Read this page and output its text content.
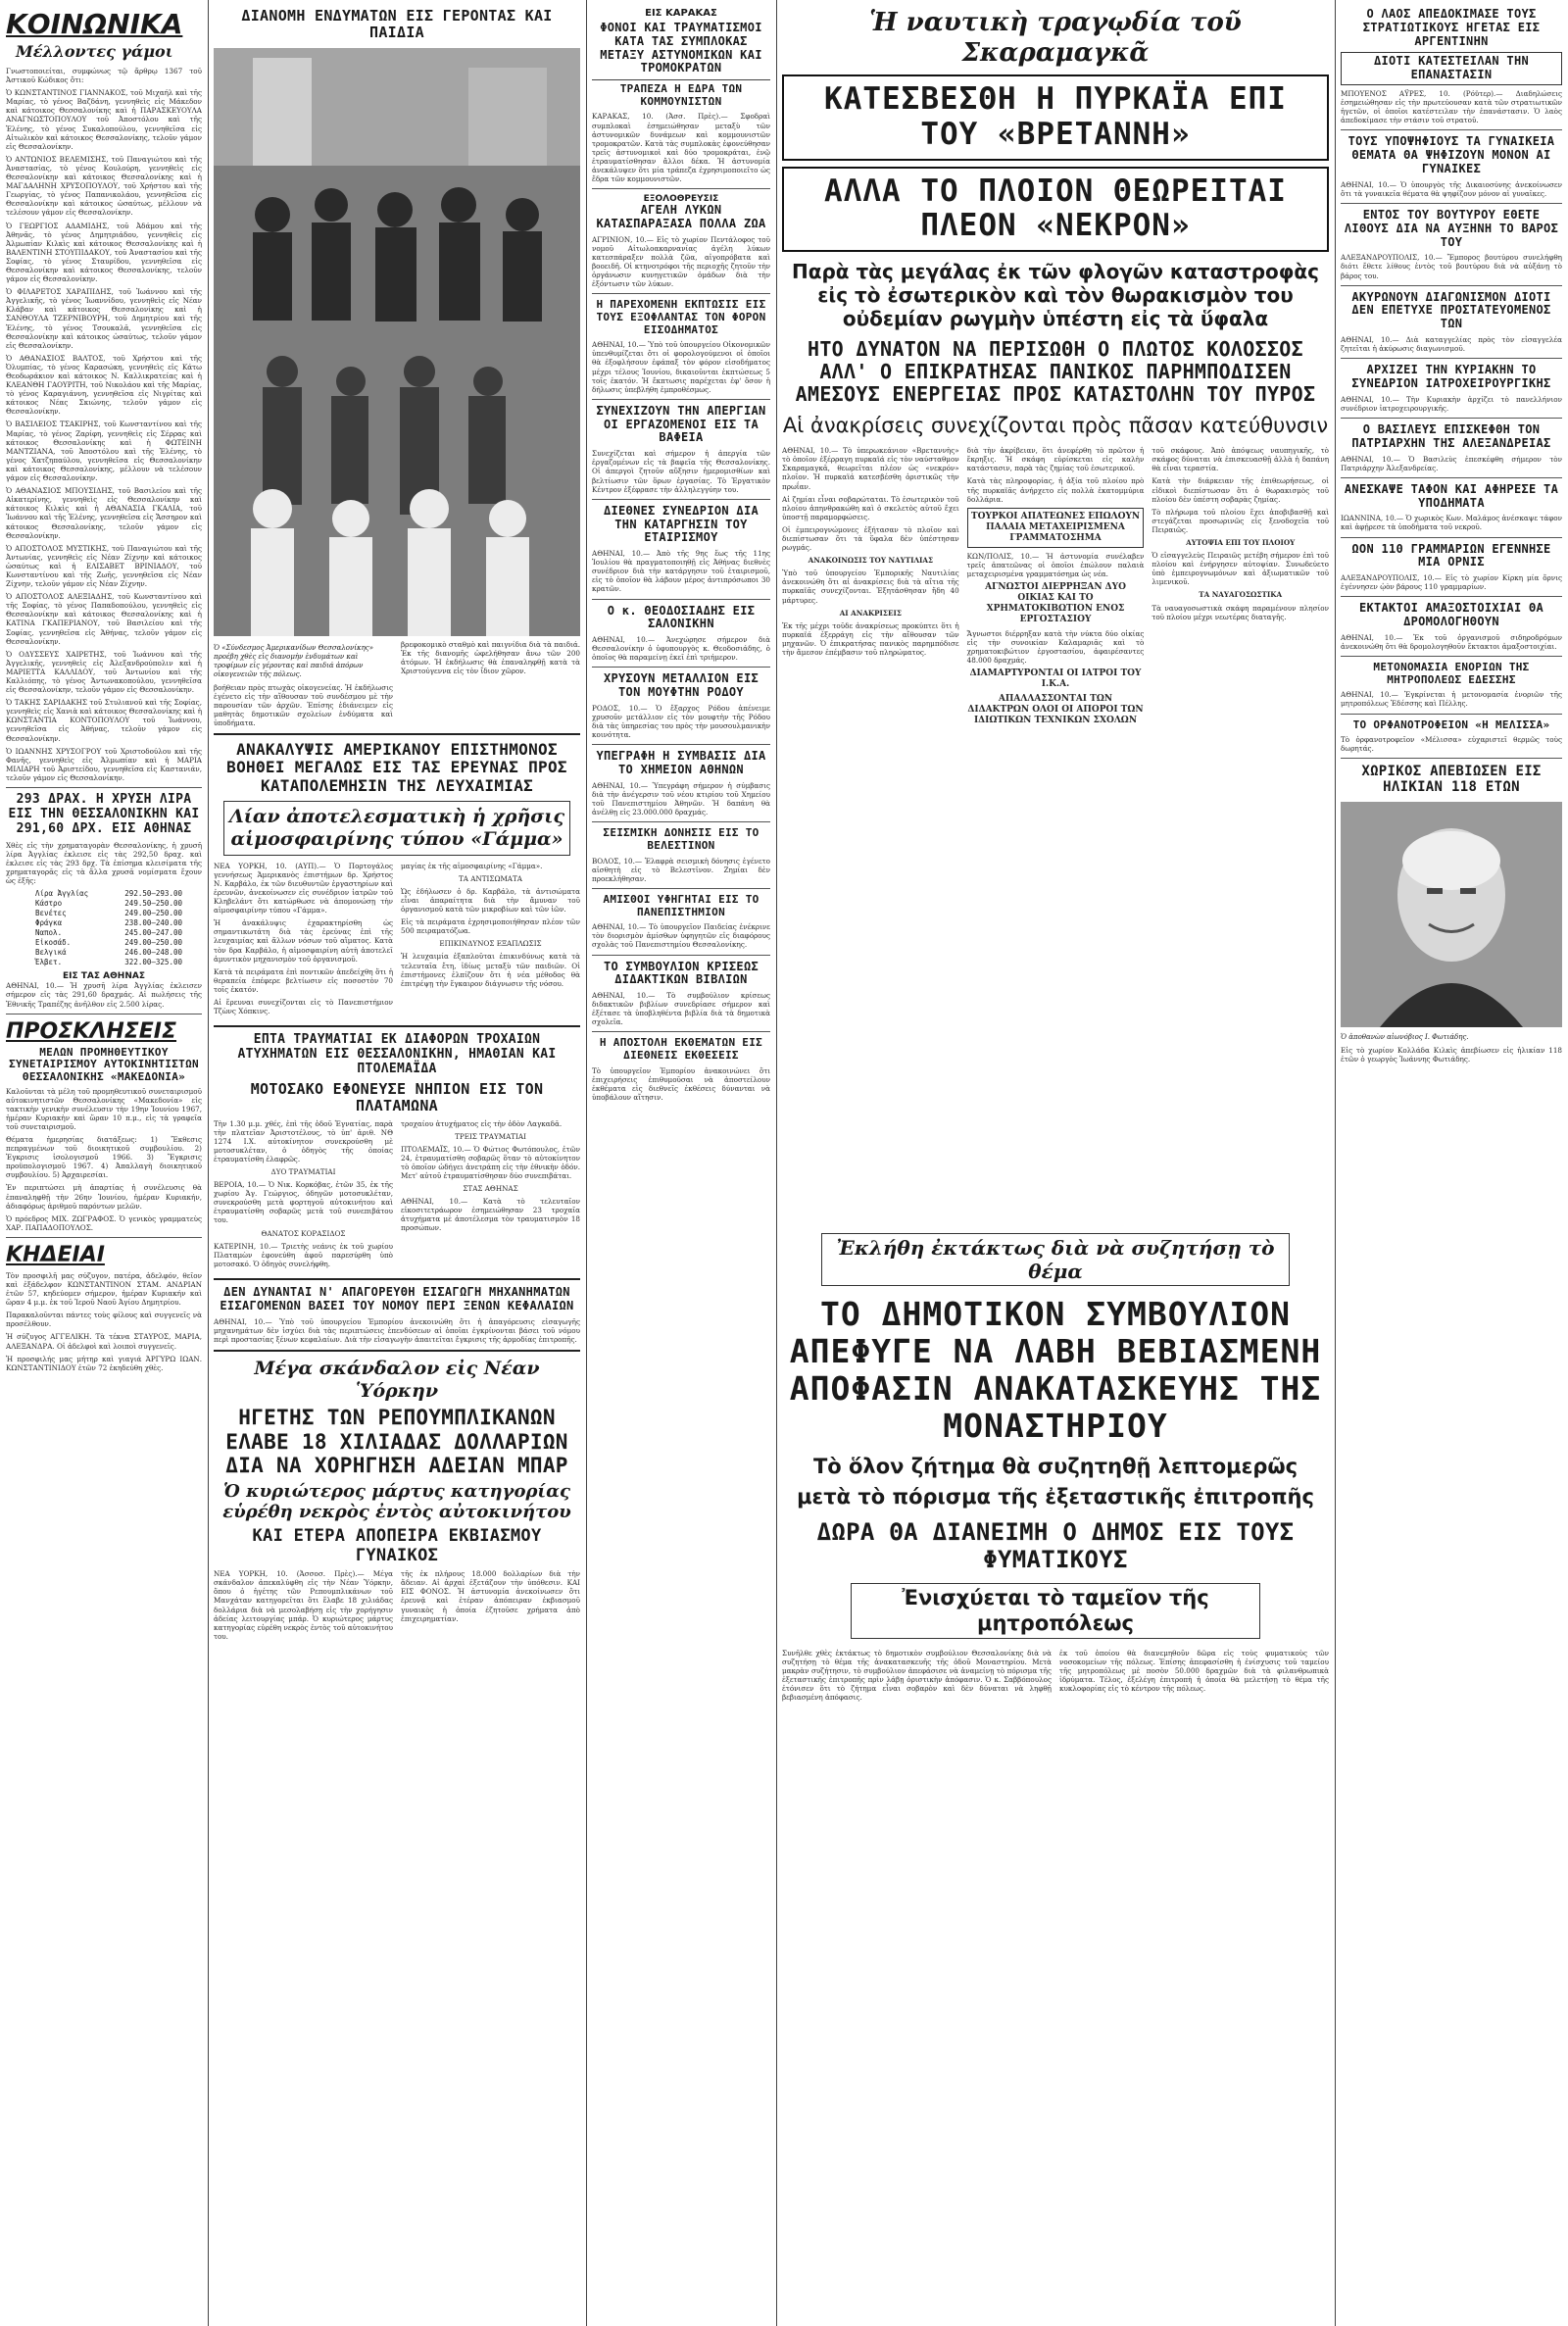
ΚΟΙΝΩΝΙΚΑ
Μέλλοντες γάμοι

Γνωστοποιείται, συμφώνως τῷ ἄρθρῳ 1367 τοῦ Ἀστικοῦ Κώδικος ὅτι:

Ὁ ΚΩΝΣΤΑΝΤΙΝΟΣ ΓΙΑΝΝΑΚΟΣ, τοῦ Μιχαήλ καὶ τῆς Μαρίας, τὸ γένος Βαζδάνη, γεννηθεὶς εἰς Μάκεδον καὶ κάτοικος Θεσσαλονίκης καὶ ἡ ΠΑΡΑΣΚΕΥΟΥΛΑ ΑΝΑΓΝΩΣΤΟΠΟΥΛΟΥ τοῦ Ἀποστόλου καὶ τῆς Ἑλένης, τὸ γένος Συκαλοπούλου, γεννηθεῖσα εἰς Αἰτωλικὸν καὶ κάτοικος Θεσσαλονίκης, τελοῦν γάμον εἰς Θεσσαλονίκην.

Ὁ ΑΝΤΩΝΙΟΣ ΒΕΛΕΜΙΣΗΣ, τοῦ Παναγιώτου καὶ τῆς Ἀναστασίας, τὸ γένος Κουλούρη, γεννηθεὶς εἰς Θεσσαλονίκην καὶ κάτοικος Θεσσαλονίκης καὶ ἡ ΜΑΓΔΑΛΗΝΗ ΧΡΥΣΟΠΟΥΛΟΥ, τοῦ Χρήστου καὶ τῆς Γεωργίας, τὸ γένος Παπανικολάου, γεννηθεῖσα εἰς Θεσσαλονίκην καὶ κάτοικος ὡσαύτως, μέλλουν νὰ τελέσουν γάμον εἰς Θεσσαλονίκην.

Ὁ ΓΕΩΡΓΙΟΣ ΑΔΑΜΙΔΗΣ, τοῦ Ἀδάμου καὶ τῆς Ἀθηνᾶς, τὸ γένος Δημητριάδου, γεννηθεὶς εἰς Ἀλμωπίαν Κιλκὶς καὶ κάτοικος Θεσσαλονίκης καὶ ἡ ΒΑΛΕΝΤΙΝΗ ΣΤΟΥΠΙΔΑΚΟΥ, τοῦ Ἀναστασίου καὶ τῆς Σοφίας, τὸ γένος Σταυρίδου, γεννηθεῖσα εἰς Θεσσαλονίκην καὶ κάτοικος Θεσσαλονίκης, τελοῦν γάμον εἰς Θεσσαλονίκην.

Ὁ ΦΙΛΑΡΕΤΟΣ ΧΑΡΑΠΙΔΗΣ, τοῦ Ἰωάννου καὶ τῆς Ἀγγελικῆς, τὸ γένος Ἰωαννίδου, γεννηθεὶς εἰς Νέαν Κλάβαν καὶ κάτοικος Θεσσαλονίκης καὶ ἡ ΣΑΝΘΟΥΛΑ ΤΖΕΡΝΙΒΟΥΡΗ, τοῦ Δημητρίου καὶ τῆς Ἑλένης, τὸ γένος Τσουκαλᾶ, γεννηθεῖσα εἰς Θεσσαλονίκην καὶ κάτοικος ὡσαύτως, τελοῦν γάμον εἰς Θεσσαλονίκην.

Ὁ ΑΘΑΝΑΣΙΟΣ ΒΑΛΤΟΣ, τοῦ Χρήστου καὶ τῆς Ὀλυμπίας, τὸ γένος Καρασώκη, γεννηθεὶς εἰς Κάτω Θεοδωράκιον καὶ κάτοικος Ν. Καλλικρατείας καὶ ἡ ΚΛΕΑΝΘΗ ΓΑΟΥΡΙΤΗ, τοῦ Νικολάου καὶ τῆς Μαρίας, τὸ γένος Καραγιάννη, γεννηθεῖσα εἰς Νιγρίτας καὶ κάτοικος Νέας Σκιώνης, τελοῦν γάμον εἰς Θεσσαλονίκην.

Ὁ ΒΑΣΙΛΕΙΟΣ ΤΣΑΚΙΡΗΣ, τοῦ Κωνσταντίνου καὶ τῆς Μαρίας, τὸ γένος Ζαρίφη, γεννηθεὶς εἰς Σέρρας καὶ κάτοικος Θεσσαλονίκης καὶ ἡ ΦΩΤΕΙΝΗ ΜΑΝΤΖΙΑΝΑ, τοῦ Ἀποστόλου καὶ τῆς Ἑλένης, τὸ γένος Χατζηπαύλου, γεννηθεῖσα εἰς Θεσσαλονίκην καὶ κάτοικος Θεσσαλονίκης, μέλλουν νὰ τελέσουν γάμον εἰς Θεσσαλονίκην.

Ὁ ΑΘΑΝΑΣΙΟΣ ΜΠΟΥΣΙΔΗΣ, τοῦ Βασιλείου καὶ τῆς Αἰκατερίνης, γεννηθεὶς εἰς Θεσσαλονίκην καὶ κάτοικος Κιλκὶς καὶ ἡ ΑΘΑΝΑΣΙΑ ΓΚΑΛΙΑ, τοῦ Ἰωάννου καὶ τῆς Ἑλένης, γεννηθεῖσα εἰς Ἄσσηρον καὶ κάτοικος Θεσσαλονίκης, τελοῦν γάμον εἰς Θεσσαλονίκην.

Ὁ ΑΠΟΣΤΟΛΟΣ ΜΥΣΤΙΚΗΣ, τοῦ Παναγιώτου καὶ τῆς Ἀντωνίας, γεννηθεὶς εἰς Νέαν Ζίχνην καὶ κάτοικος ὡσαύτως καὶ ἡ ΕΛΙΣΑΒΕΤ ΒΡΙΝΙΑΔΟΥ, τοῦ Κωνσταντίνου καὶ τῆς Ζωῆς, γεννηθεῖσα εἰς Νέαν Ζίχνην, τελοῦν γάμον εἰς Νέαν Ζίχνην.

Ὁ ΑΠΟΣΤΟΛΟΣ ΑΛΕΞΙΑΔΗΣ, τοῦ Κωνσταντίνου καὶ τῆς Σοφίας, τὸ γένος Παπαδοπούλου, γεννηθεὶς εἰς Θεσσαλονίκην καὶ κάτοικος Θεσσαλονίκης καὶ ἡ ΚΑΤΙΝΑ ΓΚΑΠΕΡΙΑΝΟΥ, τοῦ Βασιλείου καὶ τῆς Σοφίας, γεννηθεῖσα εἰς Ἀθήνας, τελοῦν γάμον εἰς Θεσσαλονίκην.

Ὁ ΟΔΥΣΣΕΥΣ ΧΑΙΡΕΤΗΣ, τοῦ Ἰωάννου καὶ τῆς Ἀγγελικῆς, γεννηθεὶς εἰς Ἀλεξανδρούπολιν καὶ ἡ ΜΑΡΙΕΤΤΑ ΚΑΛΛΙΔΟΥ, τοῦ Ἀντωνίου καὶ τῆς Καλλιόπης, τὸ γένος Ἀντωνακοπούλου, γεννηθεῖσα εἰς Θεσσαλονίκην, τελοῦν γάμον εἰς Θεσσαλονίκην.

Ὁ ΤΑΚΗΣ ΣΑΡΙΔΑΚΗΣ τοῦ Στυλιανοῦ καὶ τῆς Σοφίας, γεννηθεὶς εἰς Χανιὰ καὶ κάτοικος Θεσσαλονίκης καὶ ἡ ΚΩΝΣΤΑΝΤΙΑ ΚΟΝΤΟΠΟΥΛΟΥ τοῦ Ἰωάννου, γεννηθεῖσα εἰς Ἀθήνας, τελοῦν γάμον εἰς Θεσσαλονίκην.

Ὁ ΙΩΑΝΝΗΣ ΧΡΥΣΟΓΡΟΥ τοῦ Χριστοδούλου καὶ τῆς Φανῆς, γεννηθεὶς εἰς Ἀλμωπίαν καὶ ἡ ΜΑΡΙΑ ΜΙΛΙΑΡΗ τοῦ Ἀριστείδου, γεννηθεῖσα εἰς Καστανιάν, τελοῦν γάμον εἰς Θεσσαλονίκην.

293 ΔΡΑΧ. Η ΧΡΥΣΗ ΛΙΡΑ ΕΙΣ ΤΗΝ ΘΕΣΣΑΛΟΝΙΚΗΝ ΚΑΙ 291,60 ΔΡΧ. ΕΙΣ ΑΘΗΝΑΣ
Χθὲς εἰς τὴν χρηματαγορὰν Θεσσαλονίκης, ἡ χρυσῆ λίρα Ἀγγλίας ἐκλεισε εἰς τὰς 292,50 δραχ. καὶ ἐκλεισε εἰς τὰς 293 δρχ. Τὰ ἐπίσημα κλεισίματα τῆς χρηματαγορᾶς εἰς τὰ ἄλλα χρυσᾶ νομίσματα ἔχουν ὡς ἑξῆς:
Λίρα Ἀγγλίας	292.50—293.00
Κάστρο	249.50—250.00
Βενέτες	249.00—250.00
Φράγκα	238.00—240.00
Ναπολ.	245.00—247.00
Εἰκοσάδ.	249.00—250.00
Βελγικά	246.00—248.00
Ἑλβετ.	322.00—325.00
ΕΙΣ ΤΑΣ ΑΘΗΝΑΣ
ΑΘΗΝΑΙ, 10.— Ἡ χρυσῆ λίρα Ἀγγλίας ἐκλεισεν σήμερον εἰς τὰς 291,60 δραχμάς. Αἱ πωλήσεις τῆς Ἐθνικῆς Τραπέζης ἀνῆλθον εἰς 2.500 λίρας.
ΠΡΟΣΚΛΗΣΕΙΣ
ΜΕΛΩΝ ΠΡΟΜΗΘΕΥΤΙΚΟΥ ΣΥΝΕΤΑΙΡΙΣΜΟΥ ΑΥΤΟΚΙΝΗΤΙΣΤΩΝ ΘΕΣΣΑΛΟΝΙΚΗΣ «ΜΑΚΕΔΟΝΙΑ»

Καλοῦνται τὰ μέλη τοῦ προμηθευτικοῦ συνεταιρισμοῦ αὐτοκινητιστῶν Θεσσαλονίκης «Μακεδονία» εἰς τακτικὴν γενικὴν συνέλευσιν τὴν 19ην Ἰουνίου 1967, ἡμέραν Κυριακὴν καὶ ὥραν 10 π.μ., εἰς τὰ γραφεῖα τοῦ συνεταιρισμοῦ.

Θέματα ἡμερησίας διατάξεως: 1) Ἔκθεσις πεπραγμένων τοῦ διοικητικοῦ συμβουλίου. 2) Ἐγκρισις ἰσολογισμοῦ 1966. 3) Ἔγκρισις προϋπολογισμοῦ 1967. 4) Ἀπαλλαγὴ διοικητικοῦ συμβουλίου. 5) Ἀρχαιρεσίαι.

Ἐν περιπτώσει μὴ ἀπαρτίας ἡ συνέλευσις θὰ ἐπαναληφθῇ τὴν 26ην Ἰουνίου, ἡμέραν Κυριακήν, ἀδιαφόρως ἀριθμοῦ παρόντων μελῶν.

Ὁ πρόεδρος ΜΙΧ. ΖΩΓΡΑΦΟΣ. Ὁ γενικὸς γραμματεὺς ΧΑΡ. ΠΑΠΑΔΟΠΟΥΛΟΣ.

ΚΗΔΕΙΑΙ

Τὸν προσφιλῆ μας σύζυγον, πατέρα, ἀδελφόν, θεῖον καὶ ἐξάδελφον ΚΩΝΣΤΑΝΤΙΝΟΝ ΣΤΑΜ. ΑΝΔΡΙΑΝ ἐτῶν 57, κηδεύομεν σήμερον, ἡμέραν Κυριακήν καὶ ὥραν 4 μ.μ. ἐκ τοῦ Ἱεροῦ Ναοῦ Ἁγίου Δημητρίου.

Παρακαλοῦνται πάντες τοὺς φίλους καὶ συγγενεῖς νὰ προσέλθουν.

Ἡ σύζυγος ΑΓΓΕΛΙΚΗ. Τὰ τέκνα ΣΤΑΥΡΟΣ, ΜΑΡΙΑ, ΑΛΕΞΑΝΔΡΑ. Οἱ ἀδελφοὶ καὶ λοιποὶ συγγενεῖς.

Ἡ προσφιλής μας μήτηρ καὶ γιαγιά ἈΡΓΥΡΩ ΙΩΑΝ. ΚΩΝΣΤΑΝΤΙΝΙΔΟΥ ἐτῶν 72 ἐκηδεύθη χθὲς.

ΔΙΑΝΟΜΗ ΕΝΔΥΜΑΤΩΝ ΕΙΣ ΓΕΡΟΝΤΑΣ ΚΑΙ ΠΑΙΔΙΑ
Ὁ «Σύνδεσμος Ἀμερικανίδων Θεσσαλονίκης» προέβη χθὲς εἰς διανομὴν ἐνδυμάτων καὶ τροφίμων εἰς γέροντας καὶ παιδιά ἀπόρων οἰκογενειῶν τῆς πόλεως.
βοήθειαν πρὸς πτωχὰς οἰκογενείας. Ἡ ἐκδήλωσις ἐγένετο εἰς τὴν αἴθουσαν τοῦ συνδέσμου μὲ τὴν παρουσίαν τῶν ἀρχῶν. Ἐπίσης ἐδιάνειμεν εἰς μαθητὰς δημοτικῶν σχολείων ἐνδύματα καὶ ὑποδήματα.
βρεφοκομικὸ σταθμὸ καὶ παιγνίδια διὰ τὰ παιδιά. Ἐκ τῆς διανομῆς ὠφελήθησαν ἄνω τῶν 200 ἀτόμων. Ἡ ἐκδήλωσις θὰ ἐπαναληφθῇ κατὰ τὰ Χριστούγεννα εἰς τὸν ἴδιον χῶρον.
ΑΝΑΚΑΛΥΨΙΣ ΑΜΕΡΙΚΑΝΟΥ ΕΠΙΣΤΗΜΟΝΟΣ ΒΟΗΘΕΙ ΜΕΓΑΛΩΣ ΕΙΣ ΤΑΣ ΕΡΕΥΝΑΣ ΠΡΟΣ ΚΑΤΑΠΟΛΕΜΗΣΙΝ ΤΗΣ ΛΕΥΧΑΙΜΙΑΣ
Λίαν ἀποτελεσματικὴ ἡ χρῆσις αἱμοσφαιρίνης τύπου «Γάμμα»

ΝΕΑ ΥΟΡΚΗ, 10. (ΑΥΠ).— Ὁ Πορτογάλος γεννήσεως Ἀμερικανὸς ἐπιστήμων δρ. Χρήστος Ν. Καρβάλο, ἐκ τῶν διευθυντῶν ἐργαστηρίων καὶ ἐρευνῶν, ἀνεκοίνωσεν εἰς συνέδριον ἰατρῶν τοῦ Κληβελάντ ὅτι κατώρθωσε νὰ ἀπομονώσῃ τὴν αἱμοσφαιρίνην τύπου «Γάμμα».

Ἡ ἀνακάλυψις ἐχαρακτηρίσθη ὡς σημαντικωτάτη διὰ τὰς ἐρεύνας ἐπὶ τῆς λευχαιμίας καὶ ἄλλων νόσων τοῦ αἵματος. Κατὰ τὸν δρα Καρβάλο, ἡ αἱμοσφαιρίνη αὐτὴ ἀποτελεῖ ἀμυντικὸν μηχανισμὸν τοῦ ὀργανισμοῦ.

Κατὰ τὰ πειράματα ἐπὶ ποντικῶν ἀπεδείχθη ὅτι ἡ θεραπεία ἐπέφερε βελτίωσιν εἰς ποσοστὸν 70 τοῖς ἑκατόν.

Αἱ ἔρευναι συνεχίζονται εἰς τὸ Πανεπιστήμιον Τζὼνς Χόπκινς.

μαγίας ἐκ τῆς αἱμοσφαιρίνης «Γάμμα».

ΤΑ ΑΝΤΙΣΩΜΑΤΑ

Ὡς ἐδήλωσεν ὁ δρ. Καρβάλο, τὰ ἀντισώματα εἶναι ἀπαραίτητα διὰ τὴν ἄμυναν τοῦ ὀργανισμοῦ κατὰ τῶν μικροβίων καὶ τῶν ἰῶν.

Εἰς τὰ πειράματα ἐχρησιμοποιήθησαν πλέον τῶν 500 πειραματόζωα.

ΕΠΙΚΙΝΔΥΝΟΣ ΕΞΑΠΛΩΣΙΣ

Ἡ λευχαιμία ἐξαπλοῦται ἐπικινδύνως κατὰ τὰ τελευταῖα ἔτη, ἰδίως μεταξὺ τῶν παιδιῶν. Οἱ ἐπιστήμονες ἐλπίζουν ὅτι ἡ νέα μέθοδος θὰ ἐπιτρέψῃ τὴν ἔγκαιρον διάγνωσιν τῆς νόσου.

ΕΠΤΑ ΤΡΑΥΜΑΤΙΑΙ ΕΚ ΔΙΑΦΟΡΩΝ ΤΡΟΧΑΙΩΝ ΑΤΥΧΗΜΑΤΩΝ ΕΙΣ ΘΕΣΣΑΛΟΝΙΚΗΝ, ΗΜΑΘΙΑΝ ΚΑΙ ΠΤΟΛΕΜΑΪΔΑ
ΜΟΤΟΣΑΚΟ ΕΦΟΝΕΥΣΕ ΝΗΠΙΟΝ ΕΙΣ ΤΟΝ ΠΛΑΤΑΜΩΝΑ

Τὴν 1.30 μ.μ. χθές, ἐπὶ τῆς ὁδοῦ Ἐγνατίας, παρὰ τὴν πλατεῖαν Ἀριστοτέλους, τὸ ὑπ' ἀριθ. ΝΘ 1274 Ι.Χ. αὐτοκίνητον συνεκρούσθη μὲ μοτοσυκλέταν, ὁ ὁδηγὸς τῆς ὁποίας ἐτραυματίσθη ἐλαφρῶς.

ΔΥΟ ΤΡΑΥΜΑΤΙΑΙ

ΒΕΡΟΙΑ, 10.— Ὁ Νικ. Κορκόβας, ἐτῶν 35, ἐκ τῆς χωρίου Ἀγ. Γεώργιος, ὁδηγῶν μοτοσυκλέταν, συνεκρούσθη μετὰ φορτηγοῦ αὐτοκινήτου καὶ ἐτραυματίσθη σοβαρῶς μετὰ τοῦ συνεπιβάτου του.

ΘΑΝΑΤΟΣ ΚΟΡΑΣΙΔΟΣ

ΚΑΤΕΡΙΝΗ, 10.— Τριετὴς νεάνις ἐκ τοῦ χωρίου Πλαταμὼν ἐφονεύθη ἀφοῦ παρεσύρθη ὑπὸ μοτοσακό. Ὁ ὁδηγὸς συνελήφθη.

τροχαίου ἀτυχήματος εἰς τὴν ὁδὸν Λαγκαδᾶ.

ΤΡΕΙΣ ΤΡΑΥΜΑΤΙΑΙ

ΠΤΟΛΕΜΑΪΣ, 10.— Ὁ Φώτιος Φωτόπουλος, ἐτῶν 24, ἐτραυματίσθη σοβαρῶς ὅταν τὸ αὐτοκίνητον τὸ ὁποῖον ὡδήγει ἀνετράπη εἰς τὴν ἐθνικὴν ὁδόν. Μετ' αὐτοῦ ἐτραυματίσθησαν δύο συνεπιβάται.

ΣΤΑΣ ΑΘΗΝΑΣ

ΑΘΗΝΑΙ, 10.— Κατὰ τὸ τελευταῖον εἰκοσιτετράωρον ἐσημειώθησαν 23 τροχαῖα ἀτυχήματα μὲ ἀποτέλεσμα τὸν τραυματισμὸν 18 προσώπων.

ΔΕΝ ΔΥΝΑΝΤΑΙ Ν' ΑΠΑΓΟΡΕΥΘΗ ΕΙΣΑΓΩΓΗ ΜΗΧΑΝΗΜΑΤΩΝ ΕΙΣΑΓΟΜΕΝΩΝ ΒΑΣΕΙ ΤΟΥ ΝΟΜΟΥ ΠΕΡΙ ΞΕΝΩΝ ΚΕΦΑΛΑΙΩΝ
ΑΘΗΝΑΙ, 10.— Ὑπὸ τοῦ ὑπουργείου Ἐμπορίου ἀνεκοινώθη ὅτι ἡ ἀπαγόρευσις εἰσαγωγῆς μηχανημάτων δὲν ἰσχύει διὰ τὰς περιπτώσεις ἐπενδύσεων αἱ ὁποῖαι ἐγκρίνονται βάσει τοῦ νόμου περὶ προστασίας ξένων κεφαλαίων. Διὰ τὴν εἰσαγωγὴν ἀπαιτεῖται ἔγκρισις τῆς ἁρμοδίας ἐπιτροπῆς.
Μέγα σκάνδαλον εἰς Νέαν Ὑόρκην
ΗΓΕΤΗΣ ΤΩΝ ΡΕΠΟΥΜΠΛΙΚΑΝΩΝ ΕΛΑΒΕ 18 ΧΙΛΙΑΔΑΣ ΔΟΛΛΑΡΙΩΝ ΔΙΑ ΝΑ ΧΟΡΗΓΗΣΗ ΑΔΕΙΑΝ ΜΠΑΡ
Ὁ κυριώτερος μάρτυς κατηγορίας εὑρέθη νεκρὸς ἐντὸς αὐτοκινήτου
ΚΑΙ ΕΤΕΡΑ ΑΠΟΠΕΙΡΑ ΕΚΒΙΑΣΜΟΥ ΓΥΝΑΙΚΟΣ
ΝΕΑ ΥΟΡΚΗ, 10. (Ἀσσοσ. Πρὲς).— Μέγα σκάνδαλον ἀπεκαλύφθη εἰς τὴν Νέαν Ὑόρκην, ὅπου ὁ ἡγέτης τῶν Ρεπουμπλικάνων τοῦ Μανχάταν κατηγορεῖται ὅτι ἔλαβε 18 χιλιάδας δολλάρια διὰ νὰ μεσολαβήσῃ εἰς τὴν χορήγησιν ἀδείας λειτουργίας μπάρ. Ὁ κυριώτερος μάρτυς κατηγορίας εὑρέθη νεκρὸς ἐντὸς τοῦ αὐτοκινήτου του.
τῆς ἐκ πλήρους 18.000 δολλαρίων διὰ τὴν ἄδειαν. Αἱ ἀρχαὶ ἐξετάζουν τὴν ὑπόθεσιν. ΚΑΙ ΕΙΣ ΦΟΝΟΣ. Ἡ ἀστυνομία ἀνεκοίνωσεν ὅτι ἐρευνᾷ καὶ ἑτέραν ἀπόπειραν ἐκβιασμοῦ γυναικὸς ἡ ὁποία ἐζητοῦσε χρήματα ἀπὸ ἐπιχειρηματίαν.
ΕΙΣ ΚΑΡΑΚΑΣ
ΦΟΝΟΙ ΚΑΙ ΤΡΑΥΜΑΤΙΣΜΟΙ ΚΑΤΑ ΤΑΣ ΣΥΜΠΛΟΚΑΣ ΜΕΤΑΞΥ ΑΣΤΥΝΟΜΙΚΩΝ ΚΑΙ ΤΡΟΜΟΚΡΑΤΩΝ
ΤΡΑΠΕΖΑ Η ΕΔΡΑ ΤΩΝ ΚΟΜΜΟΥΝΙΣΤΩΝ
ΚΑΡΑΚΑΣ, 10. (Ἀσσ. Πρὲς).— Σφοδραὶ συμπλοκαὶ ἐσημειώθησαν μεταξὺ τῶν ἀστυνομικῶν δυνάμεων καὶ κομμουνιστῶν τρομοκρατῶν. Κατὰ τὰς συμπλοκὰς ἐφονεύθησαν τρεῖς ἀστυνομικοὶ καὶ δύο τρομοκράται, ἐνῷ ἐτραυματίσθησαν ἄλλοι δέκα. Ἡ ἀστυνομία ἀνεκάλυψεν ὅτι μία τράπεζα ἐχρησιμοποιεῖτο ὡς ἕδρα τῶν κομμουνιστῶν.
ΕΞΟΛΟΘΡΕΥΣΙΣ
ΑΓΕΛΗ ΛΥΚΩΝ ΚΑΤΑΣΠΑΡΑΞΑΣΑ ΠΟΛΛΑ ΖΩΑ
ΑΓΡΙΝΙΟΝ, 10.— Εἰς τὸ χωρίον Πεντάλοφος τοῦ νομοῦ Αἰτωλοακαρνανίας ἀγέλη λύκων κατεσπάραξεν πολλὰ ζῶα, αἰγοπρόβατα καὶ βοοειδῆ. Οἱ κτηνοτρόφοι τῆς περιοχῆς ζητοῦν τὴν ὀργάνωσιν κυνηγετικῶν ὁμάδων διὰ τὴν ἐξόντωσιν τῶν λύκων.
Η ΠΑΡΕΧΟΜΕΝΗ ΕΚΠΤΩΣΙΣ ΕΙΣ ΤΟΥΣ ΕΞΟΦΛΑΝΤΑΣ ΤΟΝ ΦΟΡΟΝ ΕΙΣΟΔΗΜΑΤΟΣ
ΑΘΗΝΑΙ, 10.— Ὑπὸ τοῦ ὑπουργείου Οἰκονομικῶν ὑπενθυμίζεται ὅτι οἱ φορολογούμενοι οἱ ὁποῖοι θὰ ἐξοφλήσουν ἐφάπαξ τὸν φόρον εἰσοδήματος μέχρι τέλους Ἰουνίου, δικαιοῦνται ἐκπτώσεως 5 τοῖς ἑκατόν. Ἡ ἔκπτωσις παρέχεται ἐφ' ὅσον ἡ δήλωσις ὑπεβλήθη ἐμπροθέσμως.
ΣΥΝΕΧΙΖΟΥΝ ΤΗΝ ΑΠΕΡΓΙΑΝ ΟΙ ΕΡΓΑΖΟΜΕΝΟΙ ΕΙΣ ΤΑ ΒΑΦΕΙΑ
Συνεχίζεται καὶ σήμερον ἡ ἀπεργία τῶν ἐργαζομένων εἰς τὰ βαφεῖα τῆς Θεσσαλονίκης. Οἱ ἀπεργοὶ ζητοῦν αὔξησιν ἡμερομισθίων καὶ βελτίωσιν τῶν ὅρων ἐργασίας. Τὸ Ἐργατικὸν Κέντρον ἐξέφρασε τὴν ἀλληλεγγύην του.
ΔΙΕΘΝΕΣ ΣΥΝΕΔΡΙΟΝ ΔΙΑ ΤΗΝ ΚΑΤΑΡΓΗΣΙΝ ΤΟΥ ΕΤΑΙΡΙΣΜΟΥ
ΑΘΗΝΑΙ, 10.— Ἀπὸ τῆς 9ης ἕως τῆς 11ης Ἰουλίου θὰ πραγματοποιηθῇ εἰς Ἀθήνας διεθνὲς συνέδριον διὰ τὴν κατάργησιν τοῦ ἑταιρισμοῦ, εἰς τὸ ὁποῖον θὰ λάβουν μέρος ἀντιπρόσωποι 30 κρατῶν.
Ο κ. ΘΕΟΔΟΣΙΑΔΗΣ ΕΙΣ ΣΑΛΟΝΙΚΗΝ
ΑΘΗΝΑΙ, 10.— Ἀνεχώρησε σήμερον διὰ Θεσσαλονίκην ὁ ὑφυπουργὸς κ. Θεοδοσιάδης, ὁ ὁποῖος θὰ παραμείνῃ ἐκεῖ ἐπὶ τριήμερον.
ΧΡΥΣΟΥΝ ΜΕΤΑΛΛΙΟΝ ΕΙΣ ΤΟΝ ΜΟΥΦΤΗΝ ΡΟΔΟΥ
ΡΟΔΟΣ, 10.— Ὁ ἔξαρχος Ρόδου ἀπένειμε χρυσοῦν μετάλλιον εἰς τὸν μουφτὴν τῆς Ρόδου διὰ τὰς ὑπηρεσίας του πρὸς τὴν μουσουλμανικὴν κοινότητα.
ΥΠΕΓΡΑΦΗ Η ΣΥΜΒΑΣΙΣ ΔΙΑ ΤΟ ΧΗΜΕΙΟΝ ΑΘΗΝΩΝ
ΑΘΗΝΑΙ, 10.— Ὑπεγράφη σήμερον ἡ σύμβασις διὰ τὴν ἀνέγερσιν τοῦ νέου κτιρίου τοῦ Χημείου τοῦ Πανεπιστημίου Ἀθηνῶν. Ἡ δαπάνη θὰ ἀνέλθῃ εἰς 23.000.000 δραχμάς.
ΣΕΙΣΜΙΚΗ ΔΟΝΗΣΙΣ ΕΙΣ ΤΟ ΒΕΛΕΣΤΙΝΟΝ
ΒΟΛΟΣ, 10.— Ἐλαφρὰ σεισμικὴ δόνησις ἐγένετο αἰσθητὴ εἰς τὸ Βελεστῖνον. Ζημίαι δὲν προεκλήθησαν.
ΑΜΙΣΘΟΙ ΥΦΗΓΗΤΑΙ ΕΙΣ ΤΟ ΠΑΝΕΠΙΣΤΗΜΙΟΝ
ΑΘΗΝΑΙ, 10.— Τὸ ὑπουργεῖον Παιδείας ἐνέκρινε τὸν διορισμὸν ἀμίσθων ὑφηγητῶν εἰς διαφόρους σχολὰς τοῦ Πανεπιστημίου Θεσσαλονίκης.
ΤΟ ΣΥΜΒΟΥΛΙΟΝ ΚΡΙΣΕΩΣ ΔΙΔΑΚΤΙΚΩΝ ΒΙΒΛΙΩΝ
ΑΘΗΝΑΙ, 10.— Τὸ συμβούλιον κρίσεως διδακτικῶν βιβλίων συνεδρίασε σήμερον καὶ ἐξέτασε τὰ ὑποβληθέντα βιβλία διὰ τὰ δημοτικὰ σχολεῖα.
Η ΑΠΟΣΤΟΛΗ ΕΚΘΕΜΑΤΩΝ ΕΙΣ ΔΙΕΘΝΕΙΣ ΕΚΘΕΣΕΙΣ
Τὸ ὑπουργεῖον Ἐμπορίου ἀνακοινώνει ὅτι ἐπιχειρήσεις ἐπιθυμοῦσαι νὰ ἀποστείλουν ἐκθέματα εἰς διεθνεῖς ἐκθέσεις δύνανται νὰ ὑποβάλουν αἴτησιν.
Ἡ ναυτικὴ τραγῳδία τοῦ Σκαραμαγκᾶ
ΚΑΤΕΣΒΕΣΘΗ Η ΠΥΡΚΑΪΑ ΕΠΙ ΤΟΥ «ΒΡΕΤΑΝΝΗ»
ΑΛΛΑ ΤΟ ΠΛΟΙΟΝ ΘΕΩΡΕΙΤΑΙ ΠΛΕΟΝ «ΝΕΚΡΟΝ»
Παρὰ τὰς μεγάλας ἐκ τῶν φλογῶν καταστροφὰς εἰς τὸ ἐσωτερικὸν καὶ τὸν θωρακισμὸν του οὐδεμίαν ρωγμὴν ὑπέστη εἰς τὰ ὕφαλα
ΗΤΟ ΔΥΝΑΤΟΝ ΝΑ ΠΕΡΙΣΩΘΗ Ο ΠΛΩΤΟΣ ΚΟΛΟΣΣΟΣ ΑΛΛ' Ο ΕΠΙΚΡΑΤΗΣΑΣ ΠΑΝΙΚΟΣ ΠΑΡΗΜΠΟΔΙΣΕΝ ΑΜΕΣΟΥΣ ΕΝΕΡΓΕΙΑΣ ΠΡΟΣ ΚΑΤΑΣΤΟΛΗΝ ΤΟΥ ΠΥΡΟΣ
Αἱ ἀνακρίσεις συνεχίζονται πρὸς πᾶσαν κατεύθυνσιν

ΑΘΗΝΑΙ, 10.— Τὸ ὑπερωκεάνιον «Βρεταννὴς» τὸ ὁποῖον ἐξέρραγη πυρκαϊά εἰς τὸν ναύσταθμον Σκαραμαγκᾶ, θεωρεῖται πλέον ὡς «νεκρόν» πλοῖον. Ἡ πυρκαϊά κατεσβέσθη ὁριστικῶς τὴν πρωΐαν.

Αἱ ζημίαι εἶναι σοβαρώταται. Τὸ ἐσωτερικὸν τοῦ πλοίου ἀπηνθρακώθη καὶ ὁ σκελετὸς αὐτοῦ ἔχει ὑποστῇ παραμορφώσεις.

Οἱ ἐμπειρογνώμονες ἐξήτασαν τὸ πλοῖον καὶ διεπίστωσαν ὅτι τὰ ὕφαλα δὲν ὑπέστησαν ρωγμάς.

ΑΝΑΚΟΙΝΩΣΙΣ ΤΟΥ ΝΑΥΤΙΛΙΑΣ

Ὑπὸ τοῦ ὑπουργείου Ἐμπορικῆς Ναυτιλίας ἀνεκοινώθη ὅτι αἱ ἀνακρίσεις διὰ τὰ αἴτια τῆς πυρκαϊᾶς συνεχίζονται. Ἐξητάσθησαν ἤδη 40 μάρτυρες.

ΑΙ ΑΝΑΚΡΙΣΕΙΣ

Ἐκ τῆς μέχρι τοῦδε ἀνακρίσεως προκύπτει ὅτι ἡ πυρκαϊά ἐξερράγη εἰς τὴν αἴθουσαν τῶν μηχανῶν. Ὁ ἐπικρατήσας πανικὸς παρημπόδισε τὴν ἄμεσον ἐπέμβασιν τοῦ πληρώματος.

διὰ τὴν ἀκρίβειαν, ὅτι ἀνεφέρθη τὸ πρῶτον ἡ ἔκρηξις. Ἡ σκάφη εὑρίσκεται εἰς καλὴν κατάστασιν, παρὰ τὰς ζημίας τοῦ ἐσωτερικοῦ.

Κατὰ τὰς πληροφορίας, ἡ ἀξία τοῦ πλοίου πρὸ τῆς πυρκαϊᾶς ἀνήρχετο εἰς πολλὰ ἑκατομμύρια δολλάρια.

ΤΟΥΡΚΟΙ ΑΠΑΤΕΩΝΕΣ ΕΠΩΛΟΥΝ ΠΑΛΑΙΑ ΜΕΤΑΧΕΙΡΙΣΜΕΝΑ ΓΡΑΜΜΑΤΟΣΗΜΑ

ΚΩΝ/ΠΟΛΙΣ, 10.— Ἡ ἀστυνομία συνέλαβεν τρεῖς ἀπατεῶνας οἱ ὁποῖοι ἐπώλουν παλαιὰ μεταχειρισμένα γραμματόσημα ὡς νέα.

ΑΓΝΩΣΤΟΙ ΔΙΕΡΡΗΞΑΝ ΔΥΟ ΟΙΚΙΑΣ ΚΑΙ ΤΟ ΧΡΗΜΑΤΟΚΙΒΩΤΙΟΝ ΕΝΟΣ ΕΡΓΟΣΤΑΣΙΟΥ

Ἄγνωστοι διέρρηξαν κατὰ τὴν νύκτα δύο οἰκίας εἰς τὴν συνοικίαν Καλαμαριᾶς καὶ τὸ χρηματοκιβώτιον ἐργοστασίου, ἀφαιρέσαντες 48.000 δραχμάς.

ΔΙΑΜΑΡΤΥΡΟΝΤΑΙ ΟΙ ΙΑΤΡΟΙ ΤΟΥ Ι.Κ.Α.

ΑΠΑΛΛΑΣΣΟΝΤΑΙ ΤΩΝ ΔΙΔΑΚΤΡΩΝ ΟΛΟΙ ΟΙ ΑΠΟΡΟΙ ΤΩΝ ΙΔΙΩΤΙΚΩΝ ΤΕΧΝΙΚΩΝ ΣΧΟΛΩΝ

τοῦ σκάφους. Ἀπὸ ἀπόψεως ναυπηγικῆς, τὸ σκάφος δύναται νὰ ἐπισκευασθῇ ἀλλὰ ἡ δαπάνη θὰ εἶναι τεραστία.

Κατὰ τὴν διάρκειαν τῆς ἐπιθεωρήσεως, οἱ εἰδικοὶ διεπίστωσαν ὅτι ὁ θωρακισμὸς τοῦ πλοίου δὲν ὑπέστη σοβαρὰς ζημίας.

Τὸ πλήρωμα τοῦ πλοίου ἔχει ἀποβιβασθῇ καὶ στεγάζεται προσωρινῶς εἰς ξενοδοχεῖα τοῦ Πειραιῶς.

ΑΥΤΟΨΙΑ ΕΠΙ ΤΟΥ ΠΛΟΙΟΥ

Ὁ εἰσαγγελεὺς Πειραιῶς μετέβη σήμερον ἐπὶ τοῦ πλοίου καὶ ἐνήργησεν αὐτοψίαν. Συνωδεύετο ὑπὸ ἐμπειρογνωμόνων καὶ ἀξιωματικῶν τοῦ λιμενικοῦ.

ΤΑ ΝΑΥΑΓΟΣΩΣΤΙΚΑ

Τὰ ναυαγοσωστικὰ σκάφη παραμένουν πλησίον τοῦ πλοίου μέχρι νεωτέρας διαταγῆς.

Ἐκλήθη ἐκτάκτως διὰ νὰ συζητήσῃ τὸ θέμα
ΤΟ ΔΗΜΟΤΙΚΟΝ ΣΥΜΒΟΥΛΙΟΝ ΑΠΕΦΥΓΕ ΝΑ ΛΑΒΗ ΒΕΒΙΑΣΜΕΝΗ ΑΠΟΦΑΣΙΝ ΑΝΑΚΑΤΑΣΚΕΥΗΣ ΤΗΣ ΜΟΝΑΣΤΗΡΙΟΥ
Τὸ ὅλον ζήτημα θὰ συζητηθῇ λεπτομερῶς
μετὰ τὸ πόρισμα τῆς ἐξεταστικῆς ἐπιτροπῆς
ΔΩΡΑ ΘΑ ΔΙΑΝΕΙΜΗ Ο ΔΗΜΟΣ ΕΙΣ ΤΟΥΣ ΦΥΜΑΤΙΚΟΥΣ
Ἐνισχύεται τὸ ταμεῖον τῆς μητροπόλεως
Συνῆλθε χθὲς ἐκτάκτως τὸ δημοτικὸν συμβούλιον Θεσσαλονίκης διὰ νὰ συζητήσῃ τὸ θέμα τῆς ἀνακατασκευῆς τῆς ὁδοῦ Μοναστηρίου. Μετὰ μακρὰν συζήτησιν, τὸ συμβούλιον ἀπεφάσισε νὰ ἀναμείνῃ τὸ πόρισμα τῆς ἐξεταστικῆς ἐπιτροπῆς πρὶν λάβῃ ὁριστικὴν ἀπόφασιν. Ὁ κ. Σαββόπουλος ἐτόνισεν ὅτι τὸ ζήτημα εἶναι σοβαρὸν καὶ δὲν δύναται νὰ ληφθῇ βεβιασμένη ἀπόφασις.
ἐκ τοῦ ὁποίου θὰ διανεμηθοῦν δῶρα εἰς τοὺς φυματικοὺς τῶν νοσοκομείων τῆς πόλεως. Ἐπίσης ἀπεφασίσθη ἡ ἐνίσχυσις τοῦ ταμείου τῆς μητροπόλεως μὲ ποσὸν 50.000 δραχμῶν διὰ τὰ φιλανθρωπικὰ ἱδρύματα. Τέλος, ἐξελέγη ἐπιτροπὴ ἡ ὁποία θὰ μελετήσῃ τὸ θέμα τῆς κυκλοφορίας εἰς τὸ κέντρον τῆς πόλεως.
Ο ΛΑΟΣ ΑΠΕΔΟΚΙΜΑΣΕ ΤΟΥΣ ΣΤΡΑΤΙΩΤΙΚΟΥΣ ΗΓΕΤΑΣ ΕΙΣ ΑΡΓΕΝΤΙΝΗΝ
ΔΙΟΤΙ ΚΑΤΕΣΤΕΙΛΑΝ ΤΗΝ ΕΠΑΝΑΣΤΑΣΙΝ
ΜΠΟΥΕΝΟΣ ΑΫΡΕΣ, 10. (Ρόϋτερ).— Διαδηλώσεις ἐσημειώθησαν εἰς τὴν πρωτεύουσαν κατὰ τῶν στρατιωτικῶν ἡγετῶν, οἱ ὁποῖοι κατέστειλαν τὴν ἐπανάστασιν. Ὁ λαὸς ἀπεδοκίμασε τὴν στάσιν τοῦ στρατοῦ.
ΤΟΥΣ ΥΠΟΨΗΦΙΟΥΣ ΤΑ ΓΥΝΑΙΚΕΙΑ ΘΕΜΑΤΑ ΘΑ ΨΗΦΙΖΟΥΝ ΜΟΝΟΝ ΑΙ ΓΥΝΑΙΚΕΣ
ΑΘΗΝΑΙ, 10.— Ὁ ὑπουργὸς τῆς Δικαιοσύνης ἀνεκοίνωσεν ὅτι τὰ γυναικεῖα θέματα θὰ ψηφίζουν μόνον αἱ γυναῖκες.
ΕΝΤΟΣ ΤΟΥ ΒΟΥΤΥΡΟΥ ΕΘΕΤΕ ΛΙΘΟΥΣ ΔΙΑ ΝΑ ΑΥΞΗΝΗ ΤΟ ΒΑΡΟΣ ΤΟΥ
ΑΛΕΞΑΝΔΡΟΥΠΟΛΙΣ, 10.— Ἔμπορος βουτύρου συνελήφθη διότι ἔθετε λίθους ἐντὸς τοῦ βουτύρου διὰ νὰ αὐξάνῃ τὸ βάρος του.
ΑΚΥΡΩΝΟΥΝ ΔΙΑΓΩΝΙΣΜΟΝ ΔΙΟΤΙ ΔΕΝ ΕΠΕΤΥΧΕ ΠΡΟΣΤΑΤΕΥΟΜΕΝΟΣ ΤΩΝ
ΑΘΗΝΑΙ, 10.— Διὰ καταγγελίας πρὸς τὸν εἰσαγγελέα ζητεῖται ἡ ἀκύρωσις διαγωνισμοῦ.
ΑΡΧΙΖΕΙ ΤΗΝ ΚΥΡΙΑΚΗΝ ΤΟ ΣΥΝΕΔΡΙΟΝ ΙΑΤΡΟΧΕΙΡΟΥΡΓΙΚΗΣ
ΑΘΗΝΑΙ, 10.— Τὴν Κυριακὴν ἀρχίζει τὸ πανελλήνιον συνέδριον ἰατροχειρουργικῆς.
Ο ΒΑΣΙΛΕΥΣ ΕΠΙΣΚΕΦΘΗ ΤΟΝ ΠΑΤΡΙΑΡΧΗΝ ΤΗΣ ΑΛΕΞΑΝΔΡΕΙΑΣ
ΑΘΗΝΑΙ, 10.— Ὁ Βασιλεὺς ἐπεσκέφθη σήμερον τὸν Πατριάρχην Ἀλεξανδρείας.
ΑΝΕΣΚΑΨΕ ΤΑΦΟΝ ΚΑΙ ΑΦΗΡΕΣΕ ΤΑ ΥΠΟΔΗΜΑΤΑ
ΙΩΑΝΝΙΝΑ, 10.— Ὁ χωρικὸς Κων. Μαλάμος ἀνέσκαψε τάφον καὶ ἀφῄρεσε τὰ ὑποδήματα τοῦ νεκροῦ.
ΩΟΝ 110 ΓΡΑΜΜΑΡΙΩΝ ΕΓΕΝΝΗΣΕ ΜΙΑ ΟΡΝΙΣ
ΑΛΕΞΑΝΔΡΟΥΠΟΛΙΣ, 10.— Εἰς τὸ χωρίον Κίρκη μία ὄρνις ἐγέννησεν ᾠὸν βάρους 110 γραμμαρίων.
ΕΚΤΑΚΤΟΙ ΑΜΑΞΟΣΤΟΙΧΙΑΙ ΘΑ ΔΡΟΜΟΛΟΓΗΘΟΥΝ
ΑΘΗΝΑΙ, 10.— Ἐκ τοῦ ὀργανισμοῦ σιδηροδρόμων ἀνεκοινώθη ὅτι θὰ δρομολογηθοῦν ἔκτακτοι ἀμαξοστοιχίαι.
ΜΕΤΟΝΟΜΑΣΙΑ ΕΝΟΡΙΩΝ ΤΗΣ ΜΗΤΡΟΠΟΛΕΩΣ ΕΔΕΣΣΗΣ
ΑΘΗΝΑΙ, 10.— Ἐγκρίνεται ἡ μετονομασία ἐνοριῶν τῆς μητροπόλεως Ἐδέσσης καὶ Πέλλης.
ΤΟ ΟΡΦΑΝΟΤΡΟΦΕΙΟΝ «Η ΜΕΛΙΣΣΑ»
Τὸ ὀρφανοτροφεῖον «Μέλισσα» εὐχαριστεῖ θερμῶς τοὺς δωρητάς.
ΧΩΡΙΚΟΣ ΑΠΕΒΙΩΣΕΝ ΕΙΣ ΗΛΙΚΙΑΝ 118 ΕΤΩΝ
Ὁ ἀποθανὼν αἰωνόβιος Ι. Φωτιάδης.
Εἰς τὸ χωρίον Κολλάδα Κιλκὶς ἀπεβίωσεν εἰς ἡλικίαν 118 ἐτῶν ὁ γεωργὸς Ἰωάννης Φωτιάδης.
